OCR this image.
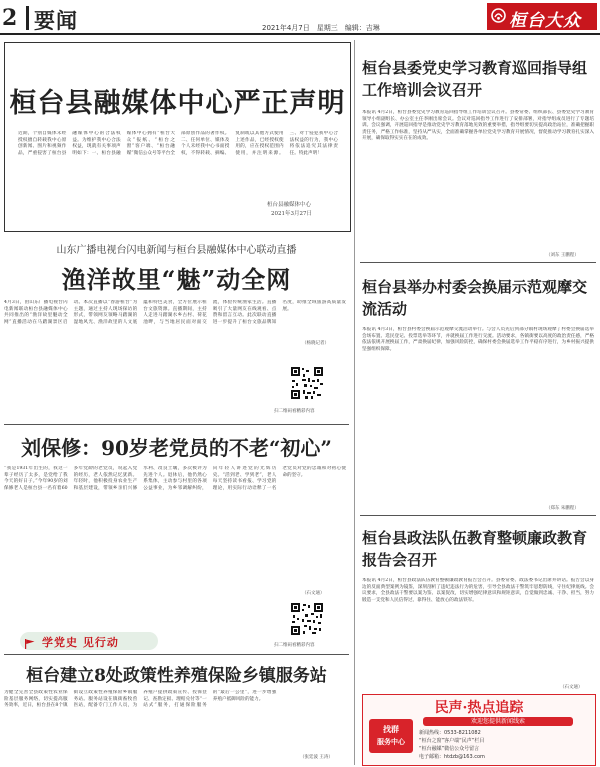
2 要闻	2021年4月7日　星期三　编辑：吉琳	桓台大众
桓台县融媒体中心严正声明
近期，个别自媒体未经授权擅自转载我中心原创新闻、图片和视频作品，严重侵害了桓台县融媒体中心的合法权益。为维护我中心合法权益，现就有关事项声明如下：一、桓台县融媒体中心拥有“桓台大众”报纸、“桓台之窗”客户端、“桓台融媒”微信公众号等平台全部原创作品的著作权。二、任何单位、媒体及个人未经我中心书面授权，不得转载、摘编、复制或以其他方式使用上述作品，已经授权使用的，应在授权范围内使用，并注明来源。三、对于侵犯我中心合法权益的行为，我中心将依法追究其法律责任。特此声明！
桓台县融媒体中心
2021年3月27日
山东广播电视台闪电新闻与桓台县融媒体中心联动直播
渔洋故里“魅”动全网
4月3日，由山东广播电视台闪电新闻联动桓台县融媒体中心共同推出的“渔洋故里魅动全网”直播活动在马踏湖景区启动。本次直播以“春游桓台”为主题，通过主持人现场探访的形式，带领网友领略马踏湖的湿地风光、渔洋故里的人文底蕴和特色美食，全方位展示桓台文旅资源。直播期间，主持人走进马踏湖水乡古村、荷花池畔，与当地居民面对面交流，体验传统渔家生活。直播吸引了大量网友在线观看、点赞和留言互动。此次联动直播进一步提升了桓台文旅品牌知名度，助推全域旅游高质量发展。
（杨晓记者）
扫二维码看精彩内容
刘保修：90岁老党员的不老“初心”
“我是1931年出生的，我这一辈子经历了太多，是党给了我今天的好日子。”今年90岁的刘保修老人是桓台县一名有着60多年党龄的老党员，说起入党的经历，老人依然记忆犹新。年轻时，他积极投身农业生产和基层建设，带领乡亲们兴修水利、改良土壤，多次被评为先进个人。退休后，他仍然心系集体，主动参与村里的各项公益事业，为乡邻调解纠纷，向年轻人讲述党的光辉历史。“活到老、学到老”，老人每天坚持读书看报、学习党的理论，用实际行动诠释了一名老党员对党的忠诚和对初心使命的坚守。
（石文通）
扫二维码看精彩内容
学党史 见行动
桓台建立8处政策性养殖保险乡镇服务站
为健全完善全县政策性农业保险基层服务网络，切实提高服务效率，近日，桓台县在8个镇街设立政策性养殖保险乡镇服务站。服务站设在镇街畜牧兽医站，配备专门工作人员，为养殖户提供政策宣传、投保登记、查勘定损、理赔兑付等“一站式”服务，打通保险服务的“最后一公里”，进一步增强养殖户抵御风险的能力。
（张廷波 王涛）
桓台县委党史学习教育巡回指导组工作培训会议召开
本报讯 4月2日，桓台县委党史学习教育巡回指导组工作培训会议召开。县委常委、组织部长、县委党史学习教育领导小组副组长、办公室主任李刚出席会议。会议对巡回指导工作进行了安排部署，对指导组成员进行了专题培训。会议强调，开展巡回指导是推动党史学习教育落地见效的重要举措，指导组要切实提高政治站位，准确把握职责任务，严格工作标准，坚持从严从实，全面准确掌握各单位党史学习教育开展情况，督促推动学习教育扎实深入开展，确保取得实实在在的成效。
（刘东 王鹏程）
桓台县举办村委会换届示范观摩交流活动
本报讯 4月3日，桓台县村委会换届示范观摩交流活动举行。与会人员先后到部分镇村现场观摩了村委会换届选举会场布置、选民登记、投票选举等环节，并就换届工作进行交流。活动要求，各镇街要以高度的政治责任感，严格依法依规开展换届工作，严肃换届纪律，加强风险防控，确保村委会换届选举工作平稳有序进行，为乡村振兴提供坚强组织保障。
（郑东 朱鹏程）
桓台县政法队伍教育整顿廉政教育报告会召开
本报讯 4月2日，桓台县政法队伍教育整顿廉政教育报告会召开。县委常委、政法委书记出席并讲话。报告会以身边的反面典型案例为镜鉴，深刻剖析了违纪违法行为的危害，引导全县政法干警筑牢思想防线，守住纪律底线。会议要求，全县政法干警要以案为鉴、以案促改，切实增强纪律意识和规矩意识，自觉做到忠诚、干净、担当，努力锻造一支党和人民信得过、靠得住、能放心的政法铁军。
（石文通）
民声·热点追踪
欢迎您提供新闻线索
找群
服务中心
新闻热线：0533-8211082
“桓台之窗”客户端“民声”栏目
“桓台融媒”微信公众号留言
电子邮箱：htdzb@163.com
